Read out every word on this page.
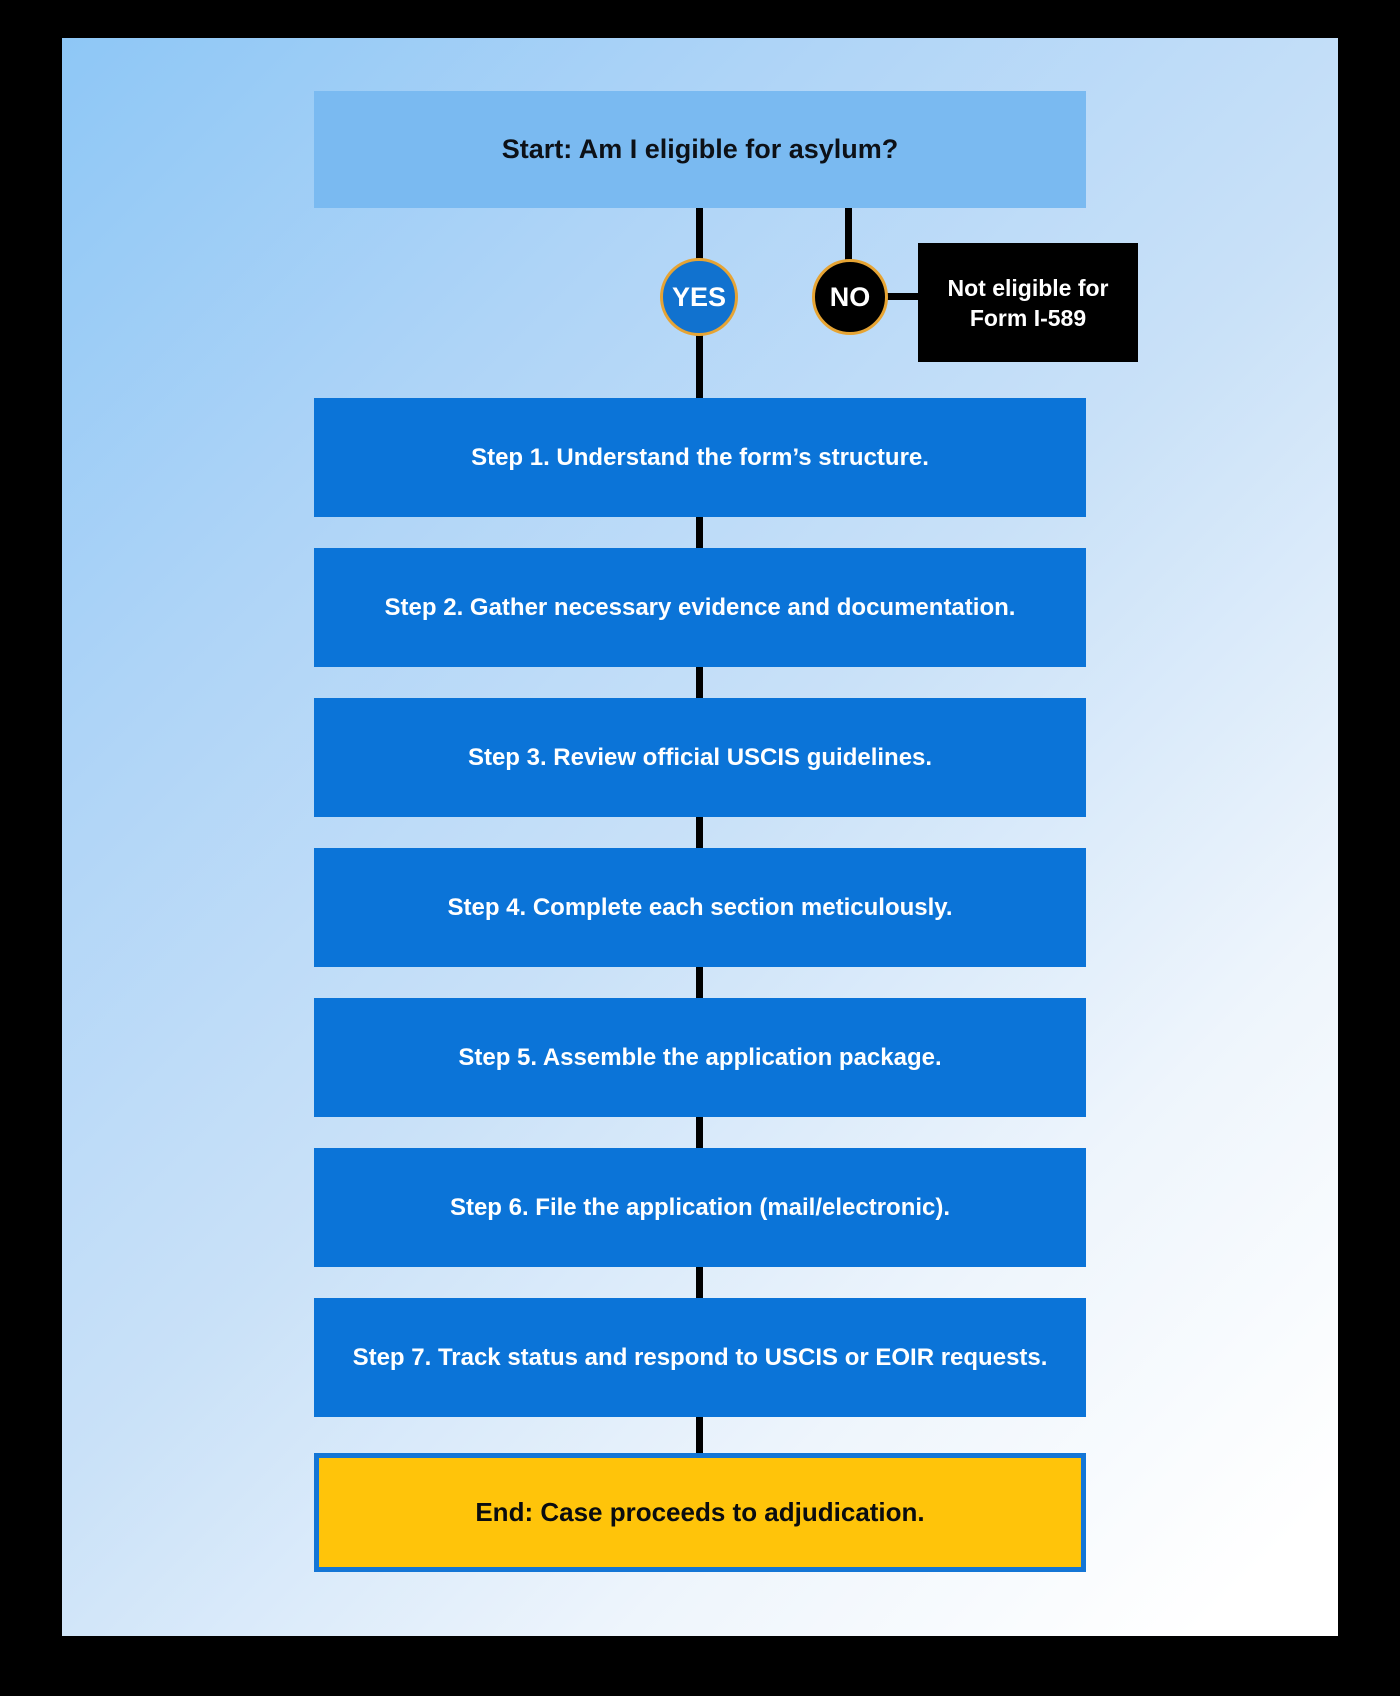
Start: Am I eligible for asylum?
YES	NO	Not eligible for
Form I-589
Step 1. Understand the form’s structure.
Step 2. Gather necessary evidence and documentation.
Step 3. Review official USCIS guidelines.
Step 4. Complete each section meticulously.
Step 5. Assemble the application package.
Step 6. File the application (mail/electronic).
Step 7. Track status and respond to USCIS or EOIR requests.
End: Case proceeds to adjudication.
